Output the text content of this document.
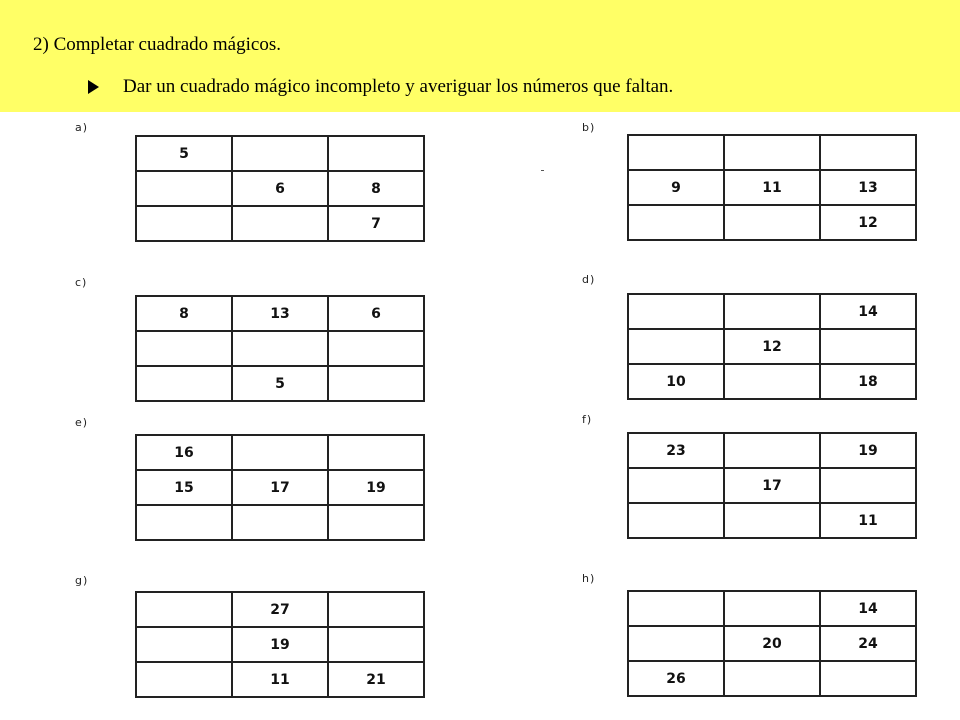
2) Completar cuadrado mágicos.
Dar un cuadrado mágico incompleto y averiguar los números que faltan.
a)
5		
	6	8
		7
b)

9	11	13
		12
c)
8	13	6

	5	
d)
		14
	12	
10		18
e)
16		
15	17	19

f)
23		19
	17	
		11
g)
	27	
	19	
	11	21
h)
		14
	20	24
26		
